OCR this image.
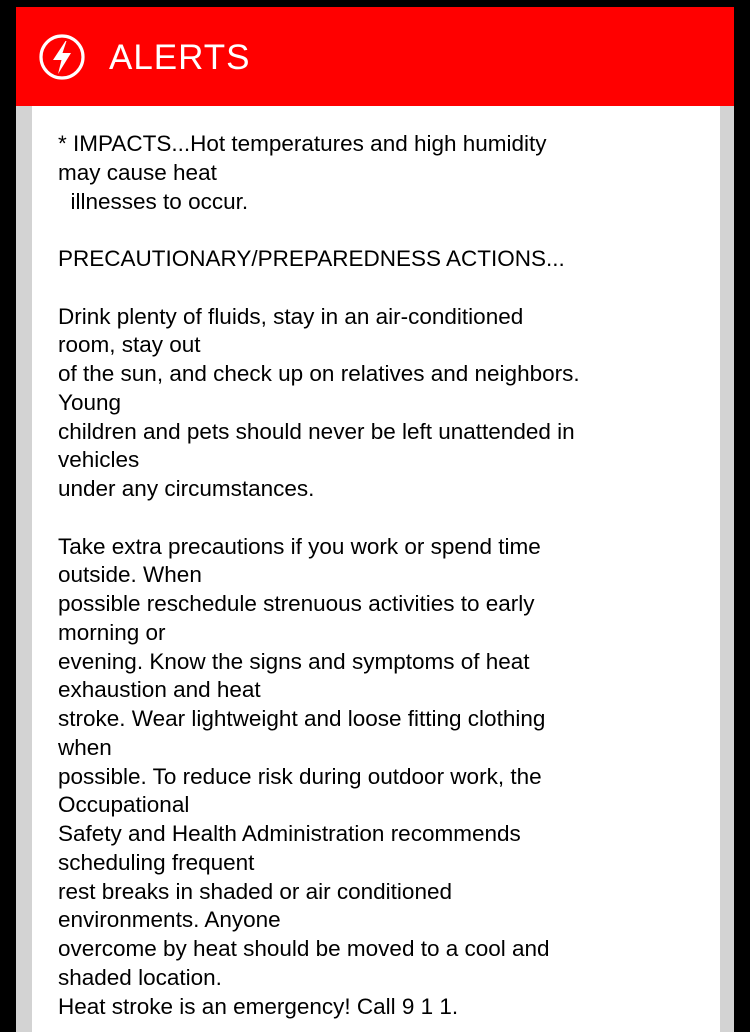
ALERTS

* IMPACTS...Hot temperatures and high humidity
may cause heat
illnesses to occur.

PRECAUTIONARY/PREPAREDNESS ACTIONS...

Drink plenty of fluids, stay in an air-conditioned
room, stay out
of the sun, and check up on relatives and neighbors.
Young
children and pets should never be left unattended in
vehicles
under any circumstances.

Take extra precautions if you work or spend time
outside. When
possible reschedule strenuous activities to early
morning or
evening. Know the signs and symptoms of heat
exhaustion and heat
stroke. Wear lightweight and loose fitting clothing
when
possible. To reduce risk during outdoor work, the
Occupational
Safety and Health Administration recommends
scheduling frequent
rest breaks in shaded or air conditioned
environments. Anyone
overcome by heat should be moved to a cool and
shaded location.
Heat stroke is an emergency! Call 9 1 1.
